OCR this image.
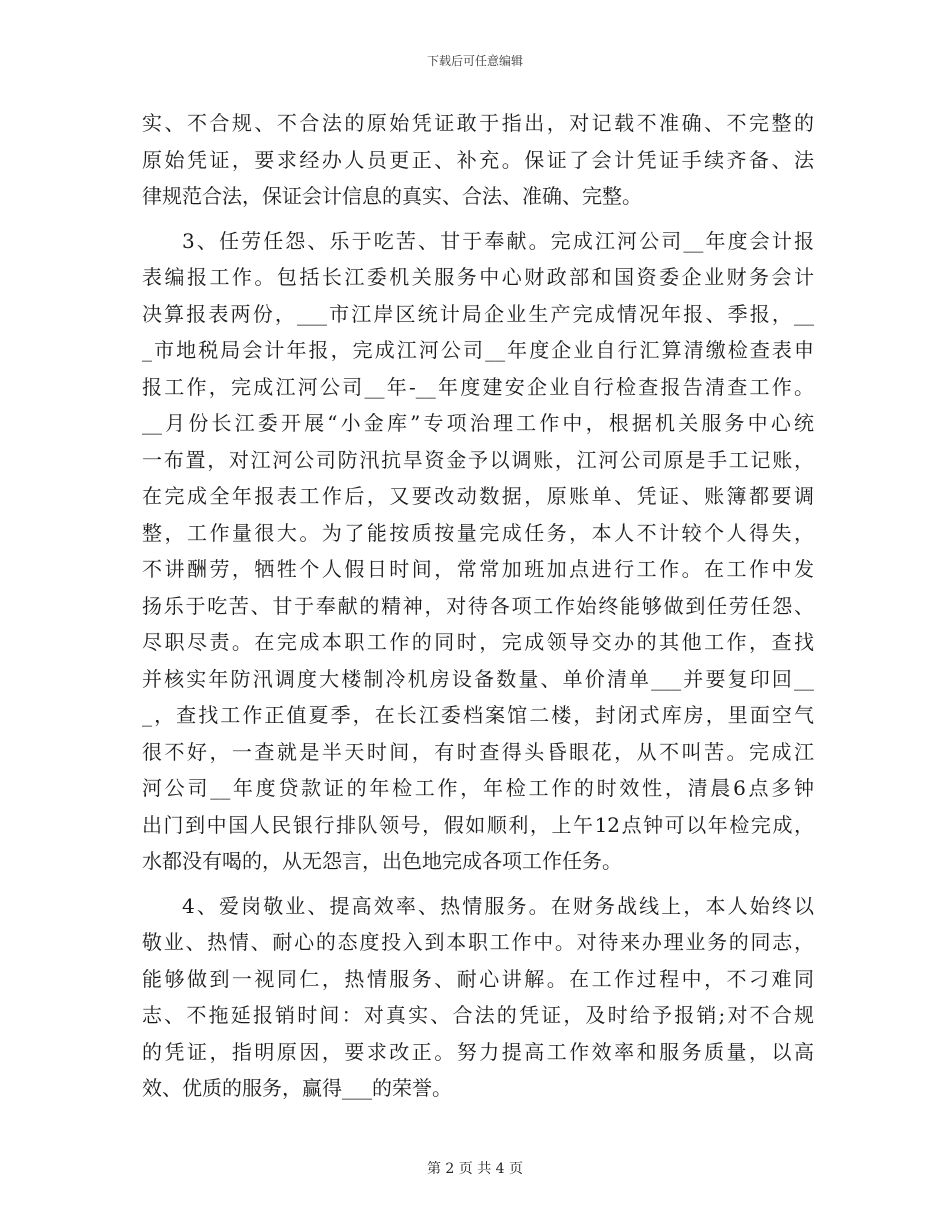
下载后可任意编辑
实、不合规、不合法的原始凭证敢于指出，对记载不准确、不完整的
原始凭证，要求经办人员更正、补充。保证了会计凭证手续齐备、法
律规范合法，保证会计信息的真实、合法、准确、完整。
3、任劳任怨、乐于吃苦、甘于奉献。完成江河公司__年度会计报
表编报工作。包括长江委机关服务中心财政部和国资委企业财务会计
决算报表两份，___市江岸区统计局企业生产完成情况年报、季报，__
_市地税局会计年报，完成江河公司__年度企业自行汇算清缴检查表申
报工作，完成江河公司__年-__年度建安企业自行检查报告清查工作。
__月份长江委开展“小金库”专项治理工作中，根据机关服务中心统
一布置，对江河公司防汛抗旱资金予以调账，江河公司原是手工记账，
在完成全年报表工作后，又要改动数据，原账单、凭证、账簿都要调
整，工作量很大。为了能按质按量完成任务，本人不计较个人得失，
不讲酬劳，牺牲个人假日时间，常常加班加点进行工作。在工作中发
扬乐于吃苦、甘于奉献的精神，对待各项工作始终能够做到任劳任怨、
尽职尽责。在完成本职工作的同时，完成领导交办的其他工作，查找
并核实年防汛调度大楼制冷机房设备数量、单价清单___并要复印回__
_，查找工作正值夏季，在长江委档案馆二楼，封闭式库房，里面空气
很不好，一查就是半天时间，有时查得头昏眼花，从不叫苦。完成江
河公司__年度贷款证的年检工作，年检工作的时效性，清晨6点多钟
出门到中国人民银行排队领号，假如顺利，上午12点钟可以年检完成，
水都没有喝的，从无怨言，出色地完成各项工作任务。
4、爱岗敬业、提高效率、热情服务。在财务战线上，本人始终以
敬业、热情、耐心的态度投入到本职工作中。对待来办理业务的同志，
能够做到一视同仁，热情服务、耐心讲解。在工作过程中，不刁难同
志、不拖延报销时间：对真实、合法的凭证，及时给予报销;对不合规
的凭证，指明原因，要求改正。努力提高工作效率和服务质量，以高
效、优质的服务，赢得___的荣誉。
第 2 页 共 4 页
